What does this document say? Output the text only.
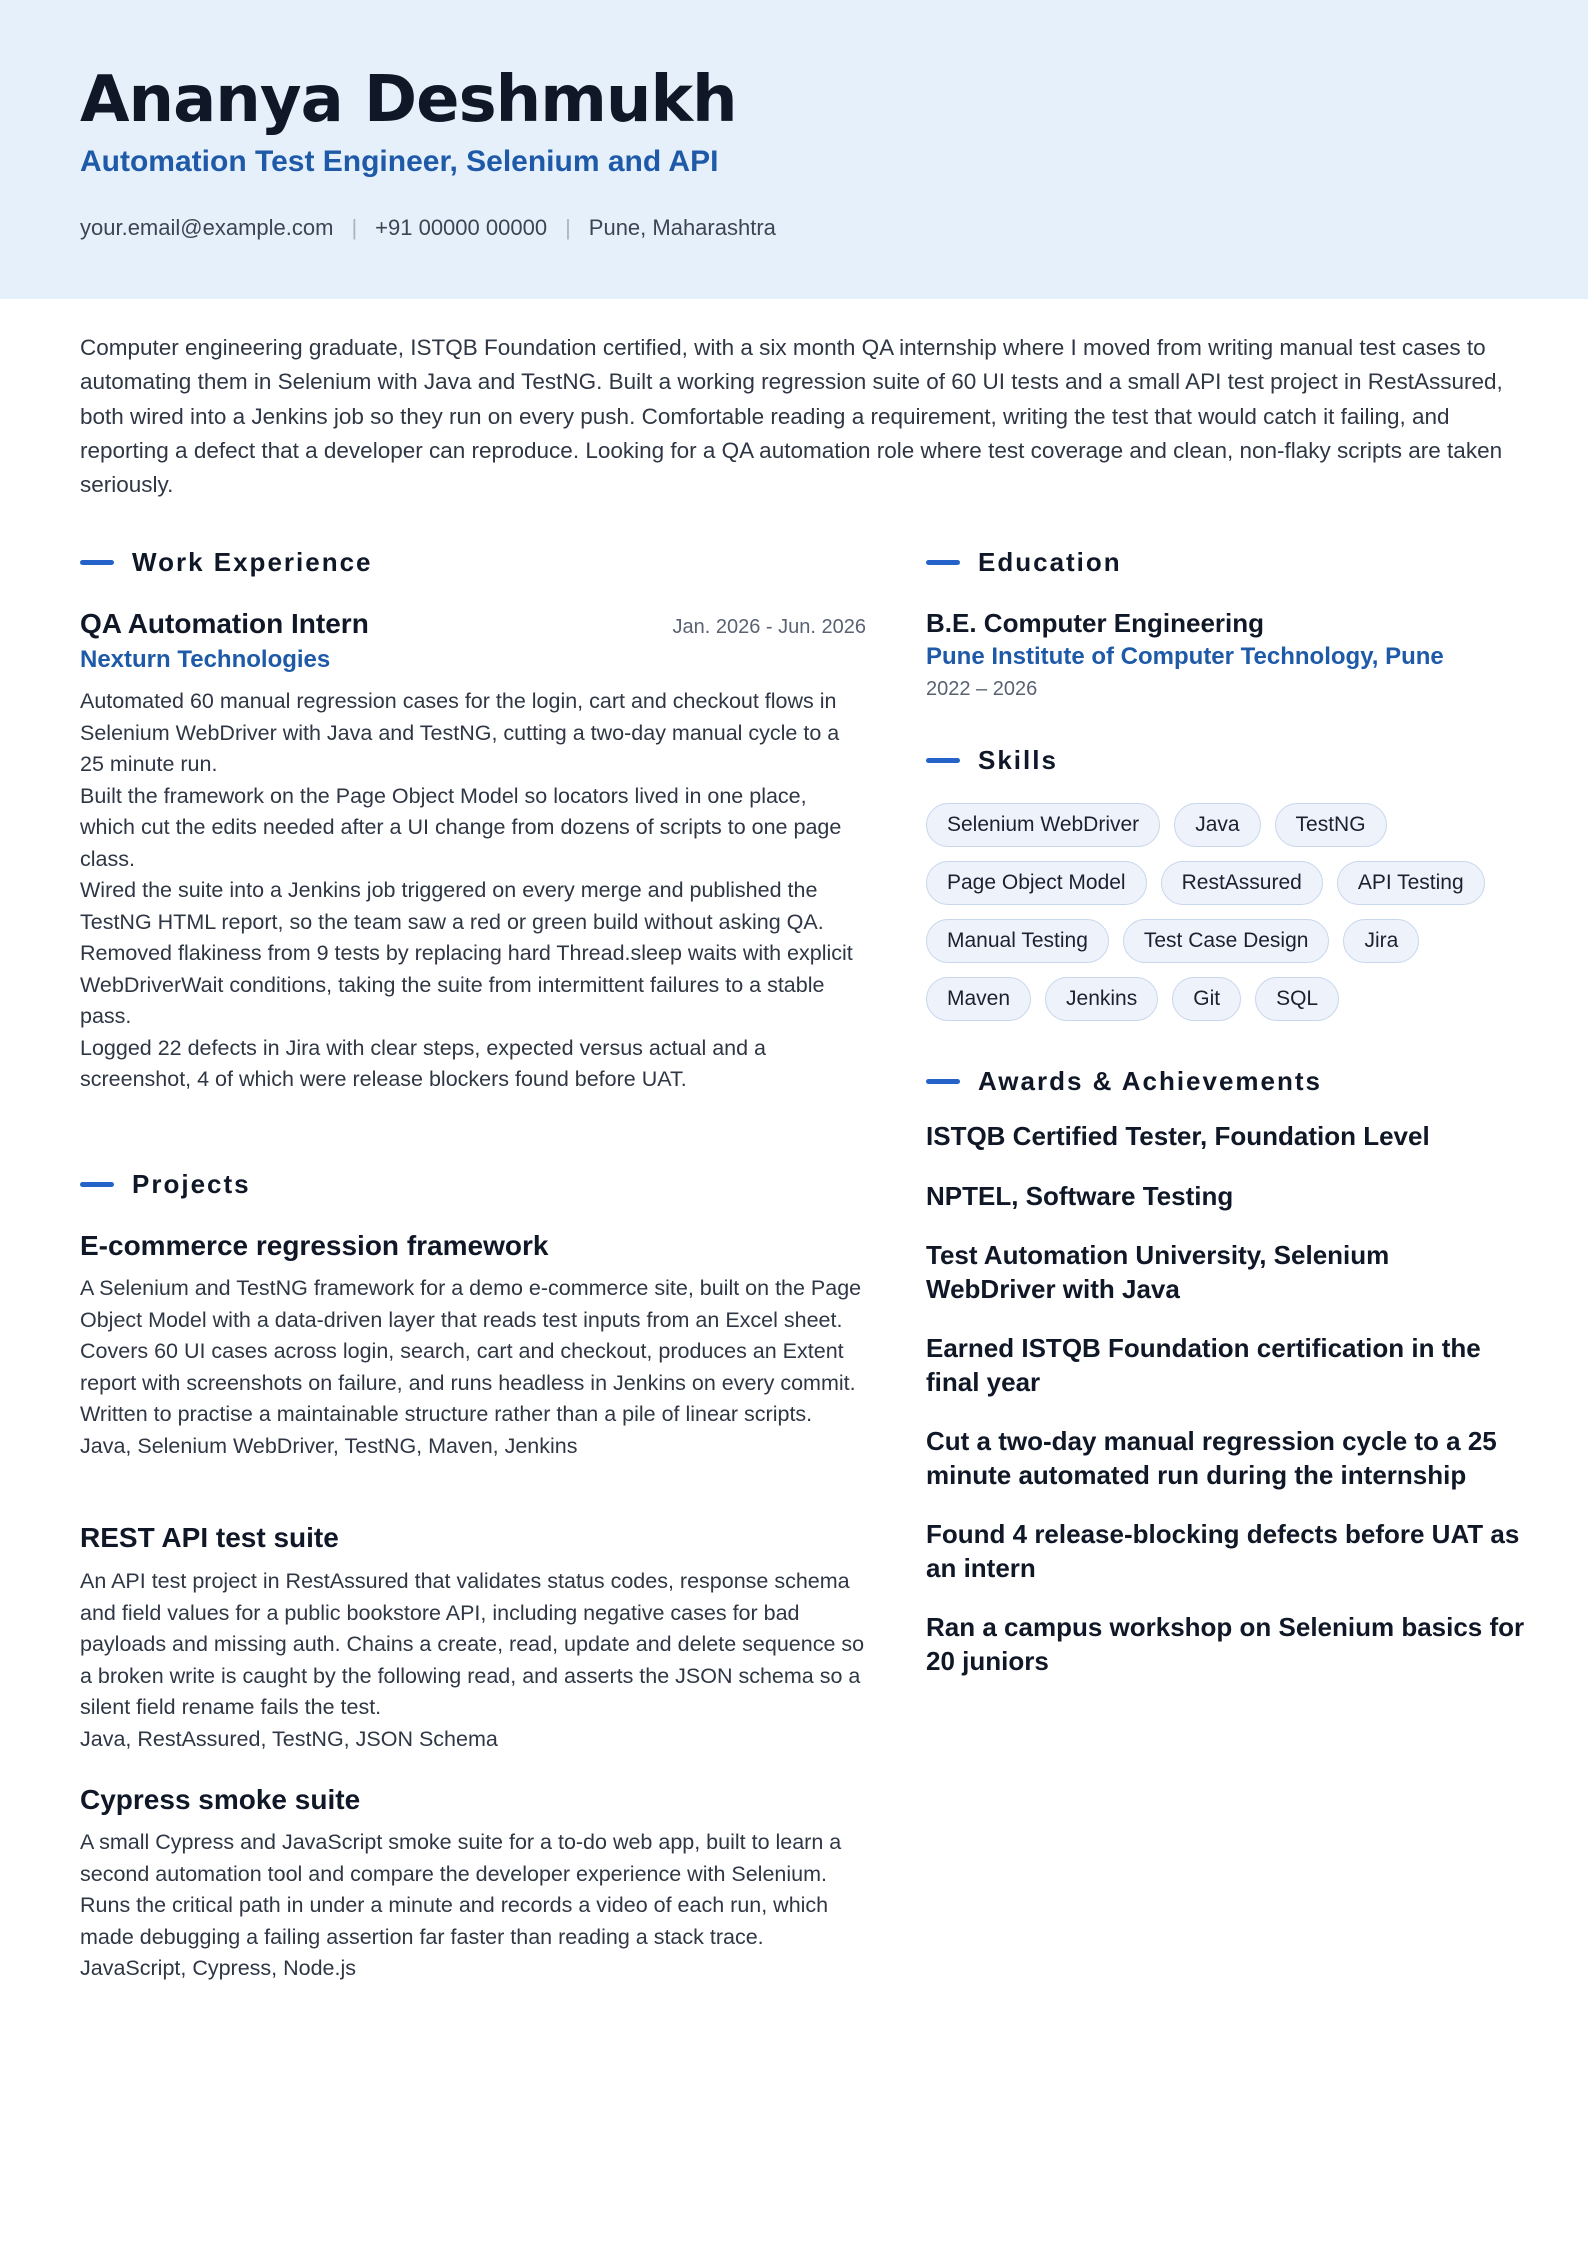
Ananya Deshmukh
Automation Test Engineer, Selenium and API
your.email@example.com | +91 00000 00000 | Pune, Maharashtra

Computer engineering graduate, ISTQB Foundation certified, with a six month QA internship where I moved from writing manual test cases to automating them in Selenium with Java and TestNG. Built a working regression suite of 60 UI tests and a small API test project in RestAssured, both wired into a Jenkins job so they run on every push. Comfortable reading a requirement, writing the test that would catch it failing, and reporting a defect that a developer can reproduce. Looking for a QA automation role where test coverage and clean, non-flaky scripts are taken seriously.

Work Experience
QA Automation Intern	Jan. 2026 - Jun. 2026
Nexturn Technologies
Automated 60 manual regression cases for the login, cart and checkout flows in Selenium WebDriver with Java and TestNG, cutting a two-day manual cycle to a 25 minute run.
Built the framework on the Page Object Model so locators lived in one place, which cut the edits needed after a UI change from dozens of scripts to one page class.
Wired the suite into a Jenkins job triggered on every merge and published the TestNG HTML report, so the team saw a red or green build without asking QA.
Removed flakiness from 9 tests by replacing hard Thread.sleep waits with explicit WebDriverWait conditions, taking the suite from intermittent failures to a stable pass.
Logged 22 defects in Jira with clear steps, expected versus actual and a screenshot, 4 of which were release blockers found before UAT.
Projects
E-commerce regression framework

A Selenium and TestNG framework for a demo e-commerce site, built on the Page Object Model with a data-driven layer that reads test inputs from an Excel sheet. Covers 60 UI cases across login, search, cart and checkout, produces an Extent report with screenshots on failure, and runs headless in Jenkins on every commit. Written to practise a maintainable structure rather than a pile of linear scripts.
Java, Selenium WebDriver, TestNG, Maven, Jenkins

REST API test suite

An API test project in RestAssured that validates status codes, response schema and field values for a public bookstore API, including negative cases for bad payloads and missing auth. Chains a create, read, update and delete sequence so a broken write is caught by the following read, and asserts the JSON schema so a silent field rename fails the test.
Java, RestAssured, TestNG, JSON Schema

Cypress smoke suite

A small Cypress and JavaScript smoke suite for a to-do web app, built to learn a second automation tool and compare the developer experience with Selenium. Runs the critical path in under a minute and records a video of each run, which made debugging a failing assertion far faster than reading a stack trace.
JavaScript, Cypress, Node.js

Education
B.E. Computer Engineering
Pune Institute of Computer Technology, Pune
2022 – 2026
Skills
Selenium WebDriver	Java	TestNG
Page Object Model	RestAssured	API Testing
Manual Testing	Test Case Design	Jira
Maven	Jenkins	Git	SQL
Awards & Achievements
ISTQB Certified Tester, Foundation Level
NPTEL, Software Testing
Test Automation University, Selenium WebDriver with Java
Earned ISTQB Foundation certification in the final year
Cut a two-day manual regression cycle to a 25 minute automated run during the internship
Found 4 release-blocking defects before UAT as an intern
Ran a campus workshop on Selenium basics for 20 juniors
